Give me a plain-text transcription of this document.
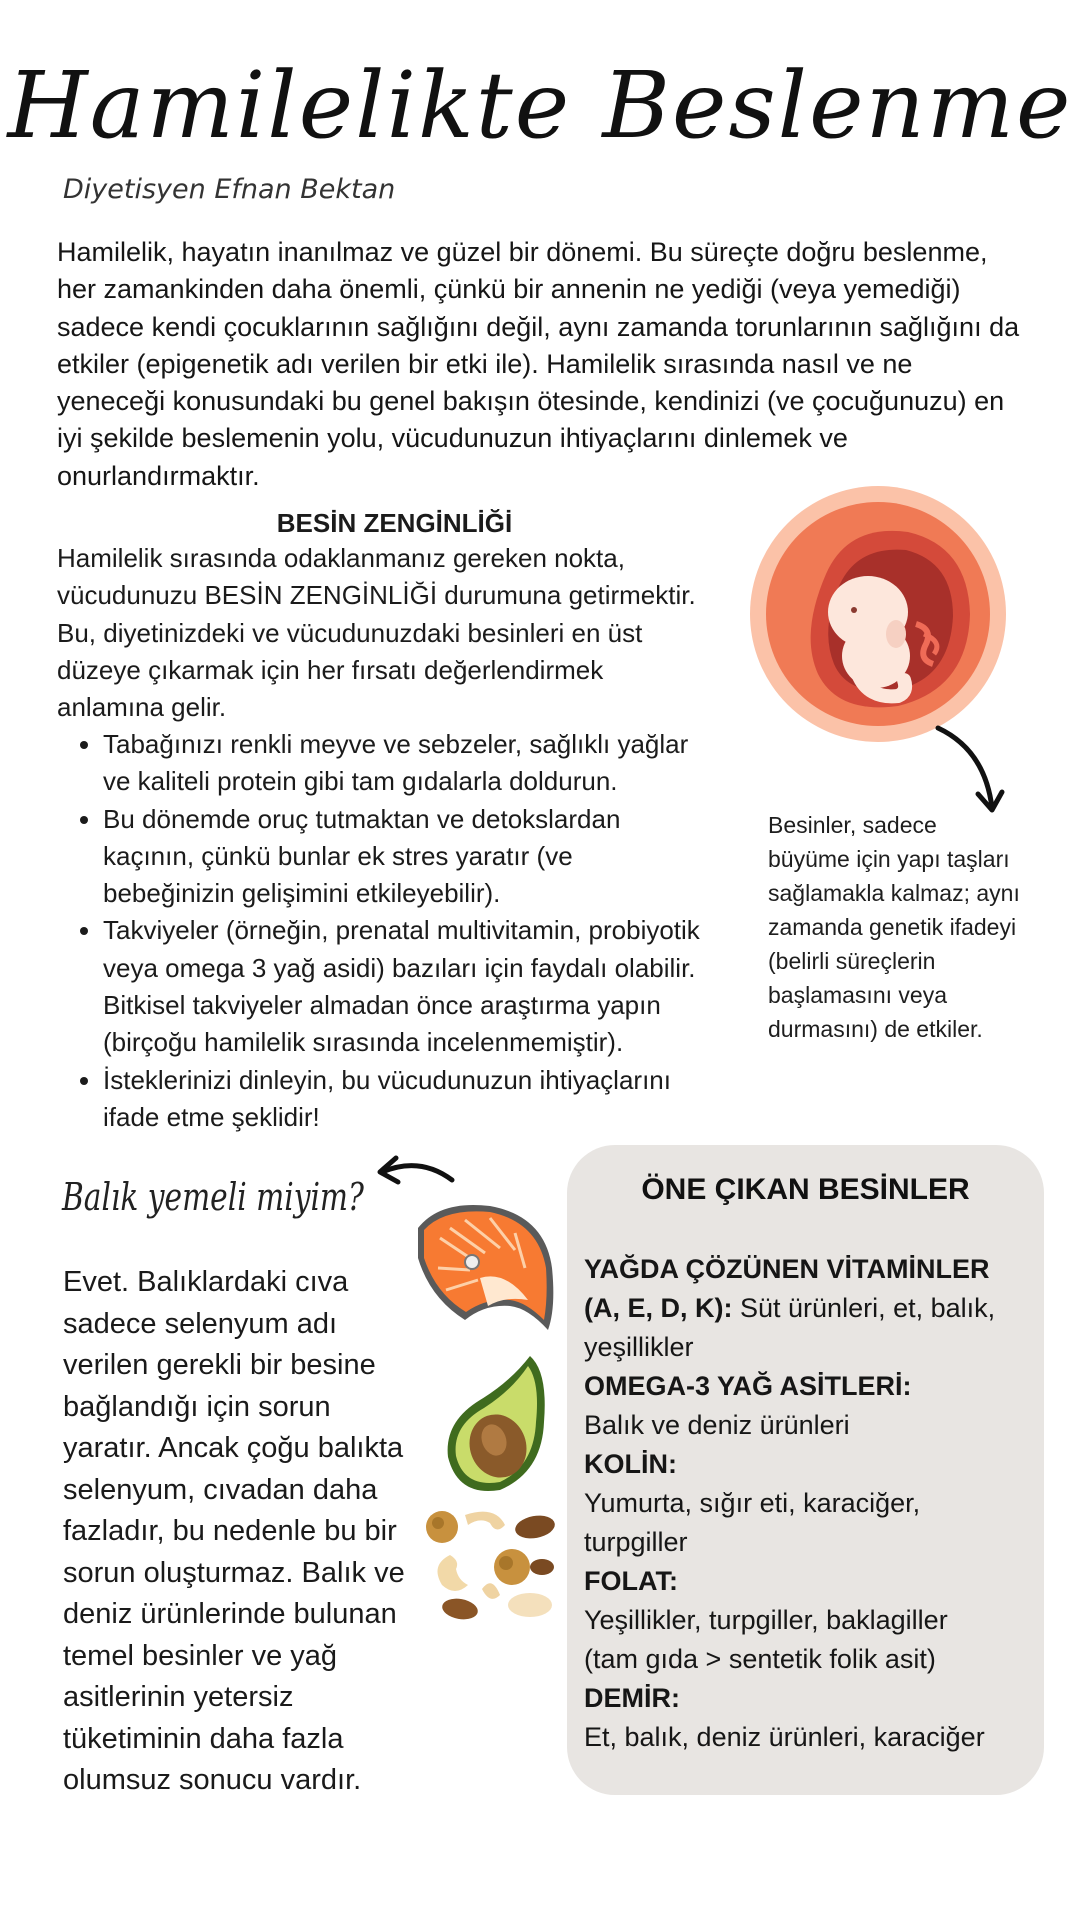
Hamilelikte Beslenme
Diyetisyen Efnan Bektan
Hamilelik, hayatın inanılmaz ve güzel bir dönemi. Bu süreçte doğru beslenme,
her zamankinden daha önemli, çünkü bir annenin ne yediği (veya yemediği)
sadece kendi çocuklarının sağlığını değil, aynı zamanda torunlarının sağlığını da
etkiler (epigenetik adı verilen bir etki ile). Hamilelik sırasında nasıl ve ne
yeneceği konusundaki bu genel bakışın ötesinde, kendinizi (ve çocuğunuzu) en
iyi şekilde beslemenin yolu, vücudunuzun ihtiyaçlarını dinlemek ve
onurlandırmaktır.
BESİN ZENGİNLİĞİ
Hamilelik sırasında odaklanmanız gereken nokta,
vücudunuzu BESİN ZENGİNLİĞİ durumuna getirmektir.
Bu, diyetinizdeki ve vücudunuzdaki besinleri en üst
düzeye çıkarmak için her fırsatı değerlendirmek
anlamına gelir.
• Tabağınızı renkli meyve ve sebzeler, sağlıklı yağlar
ve kaliteli protein gibi tam gıdalarla doldurun.
• Bu dönemde oruç tutmaktan ve detokslardan
kaçının, çünkü bunlar ek stres yaratır (ve
bebeğinizin gelişimini etkileyebilir).
• Takviyeler (örneğin, prenatal multivitamin, probiyotik
veya omega 3 yağ asidi) bazıları için faydalı olabilir.
Bitkisel takviyeler almadan önce araştırma yapın
(birçoğu hamilelik sırasında incelenmemiştir).
• İsteklerinizi dinleyin, bu vücudunuzun ihtiyaçlarını
ifade etme şeklidir!
Besinler, sadece
büyüme için yapı taşları
sağlamakla kalmaz; aynı
zamanda genetik ifadeyi
(belirli süreçlerin
başlamasını veya
durmasını) de etkiler.
Balık yemeli miyim?
Evet. Balıklardaki cıva
sadece selenyum adı
verilen gerekli bir besine
bağlandığı için sorun
yaratır. Ancak çoğu balıkta
selenyum, cıvadan daha
fazladır, bu nedenle bu bir
sorun oluşturmaz. Balık ve
deniz ürünlerinde bulunan
temel besinler ve yağ
asitlerinin yetersiz
tüketiminin daha fazla
olumsuz sonucu vardır.
ÖNE ÇIKAN BESİNLER
YAĞDA ÇÖZÜNEN VİTAMİNLER
(A, E, D, K): Süt ürünleri, et, balık,
yeşillikler
OMEGA-3 YAĞ ASİTLERİ:
Balık ve deniz ürünleri
KOLİN:
Yumurta, sığır eti, karaciğer,
turpgiller
FOLAT:
Yeşillikler, turpgiller, baklagiller
(tam gıda > sentetik folik asit)
DEMİR:
Et, balık, deniz ürünleri, karaciğer
